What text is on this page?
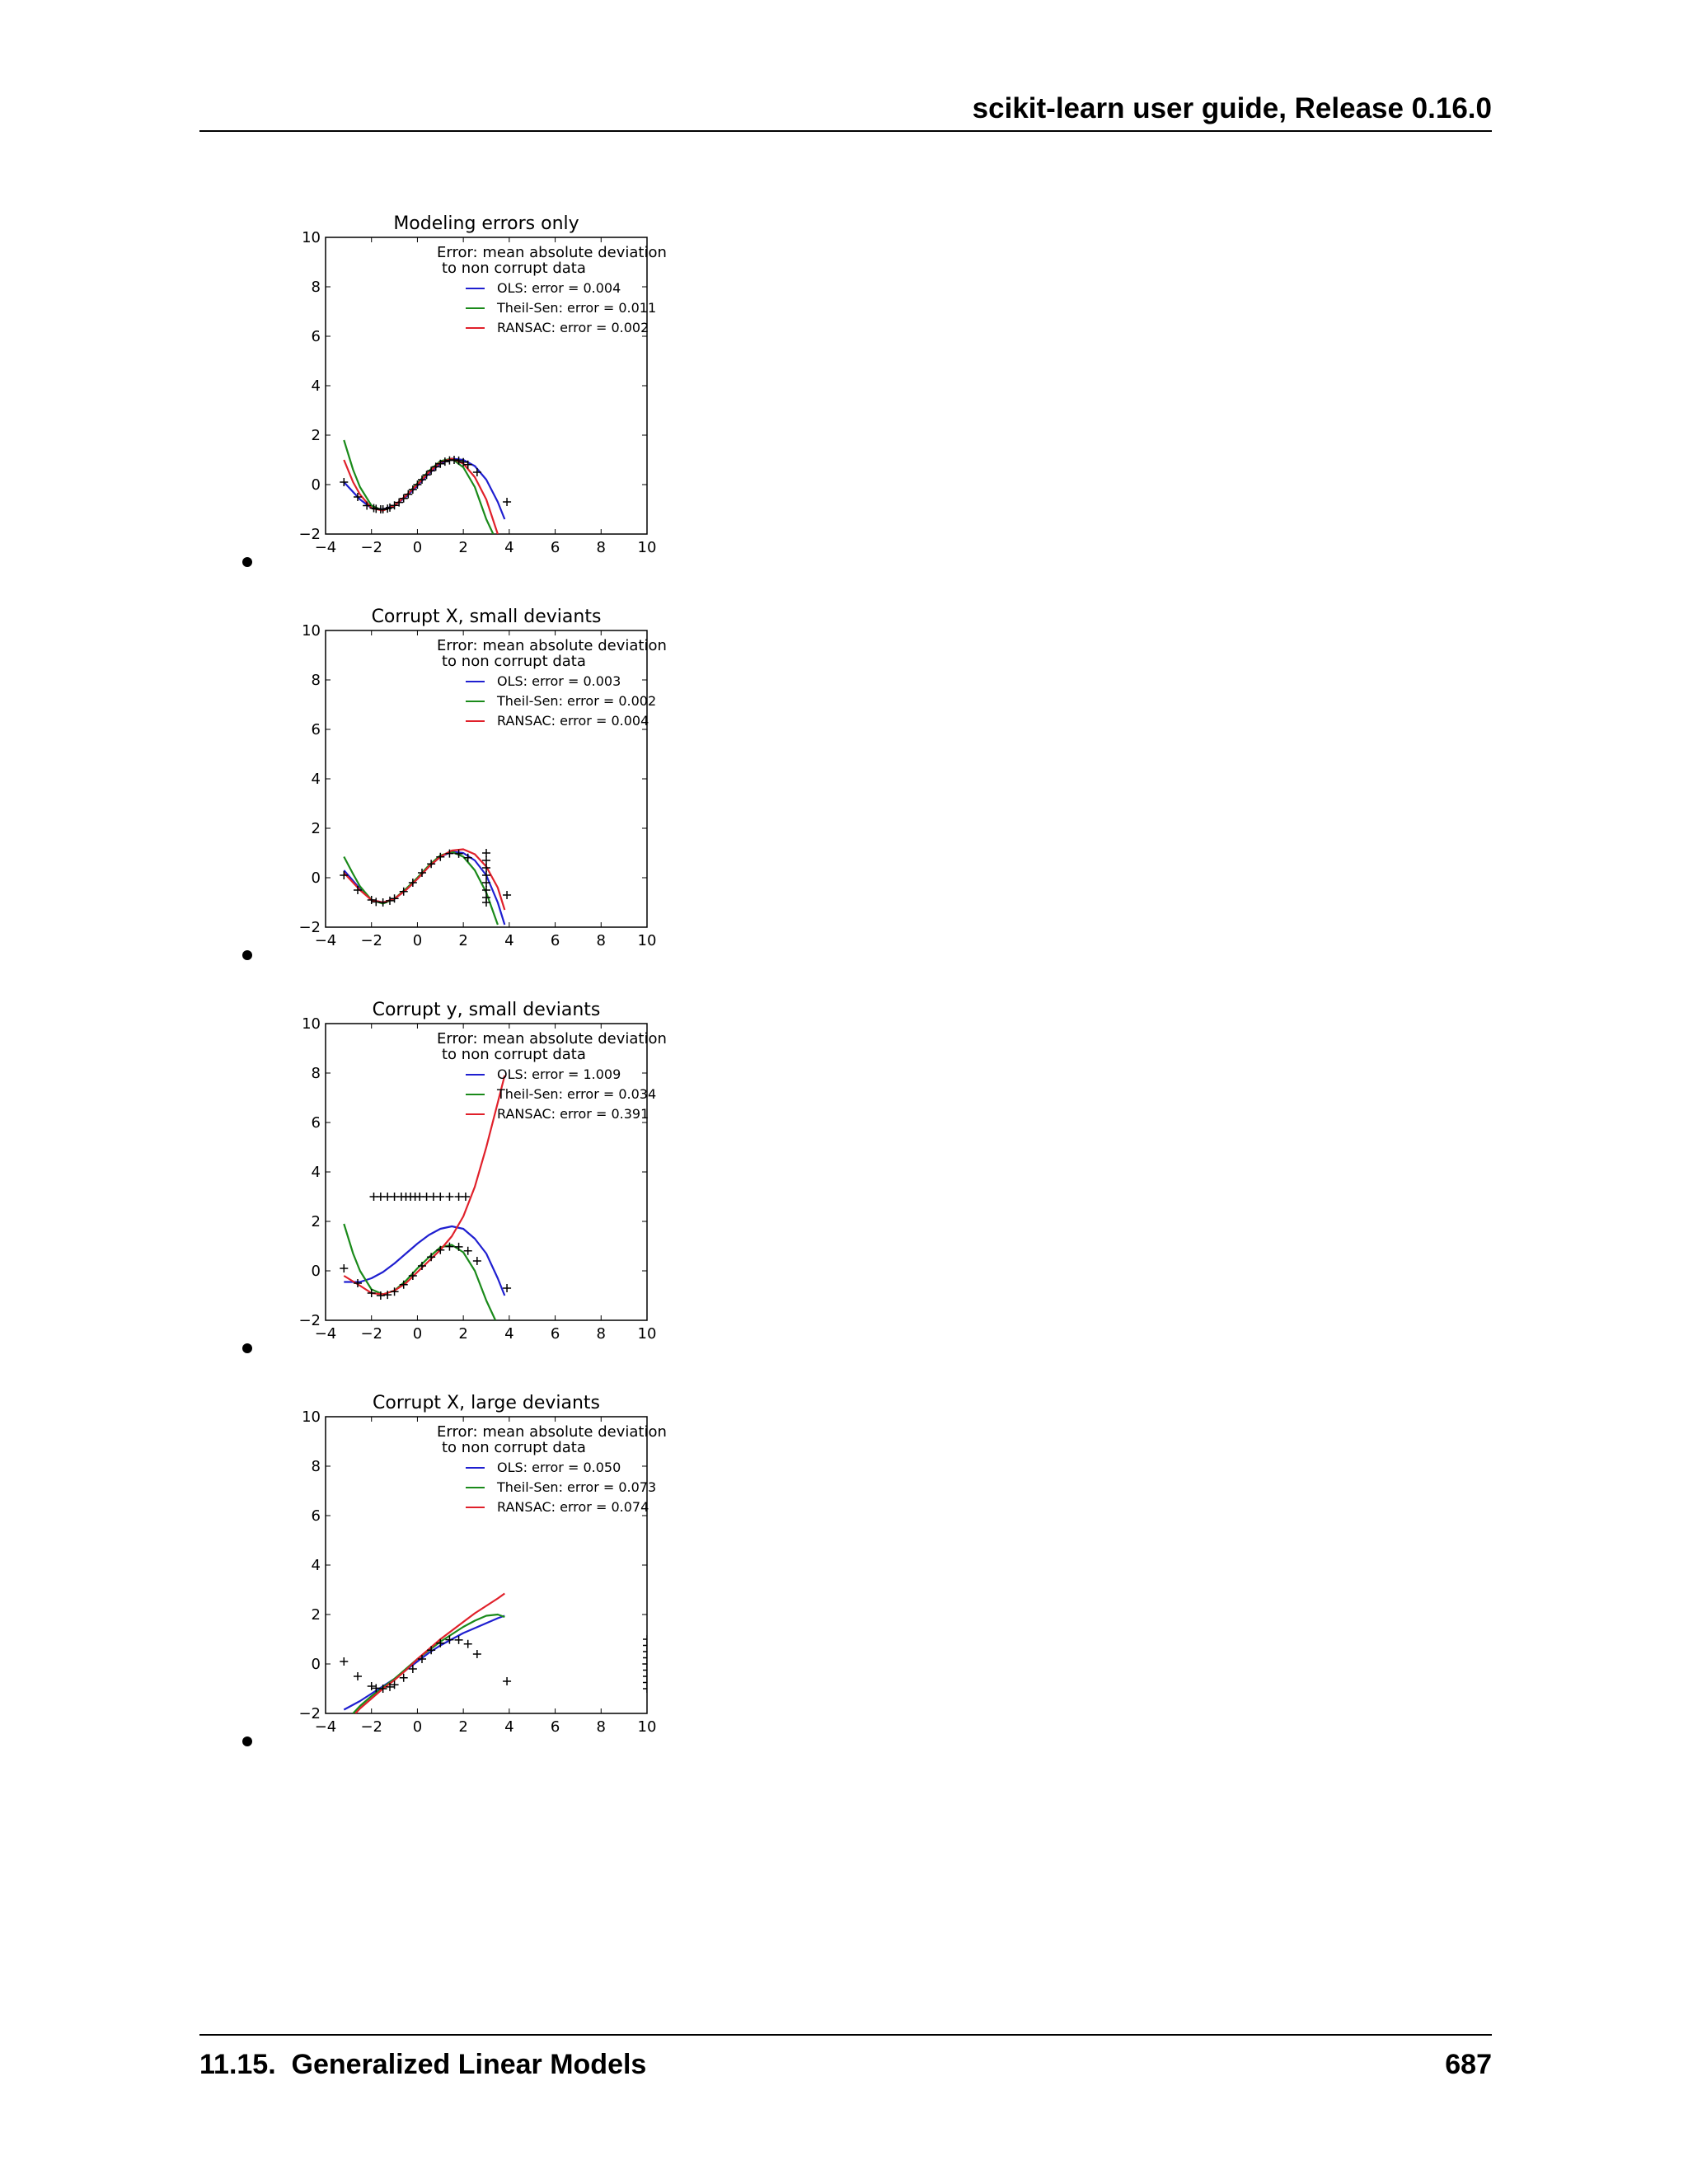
scikit-learn user guide, Release 0.16.0
Modeling errors only
−4 −2 0 2 4 6 8 10
−2
0
2
4
6
8
10
Error: mean absolute deviation
to non corrupt data
OLS: error = 0.004
Theil-Sen: error = 0.011
RANSAC: error = 0.002
Corrupt X, small deviants
−4 −2 0 2 4 6 8 10
−2
0
2
4
6
8
10
Error: mean absolute deviation
to non corrupt data
OLS: error = 0.003
Theil-Sen: error = 0.002
RANSAC: error = 0.004
Corrupt y, small deviants
−4 −2 0 2 4 6 8 10
−2
0
2
4
6
8
10
Error: mean absolute deviation
to non corrupt data
OLS: error = 1.009
Theil-Sen: error = 0.034
RANSAC: error = 0.391
Corrupt X, large deviants
−4 −2 0 2 4 6 8 10
−2
0
2
4
6
8
10
Error: mean absolute deviation
to non corrupt data
OLS: error = 0.050
Theil-Sen: error = 0.073
RANSAC: error = 0.074
11.15.  Generalized Linear Models	687
